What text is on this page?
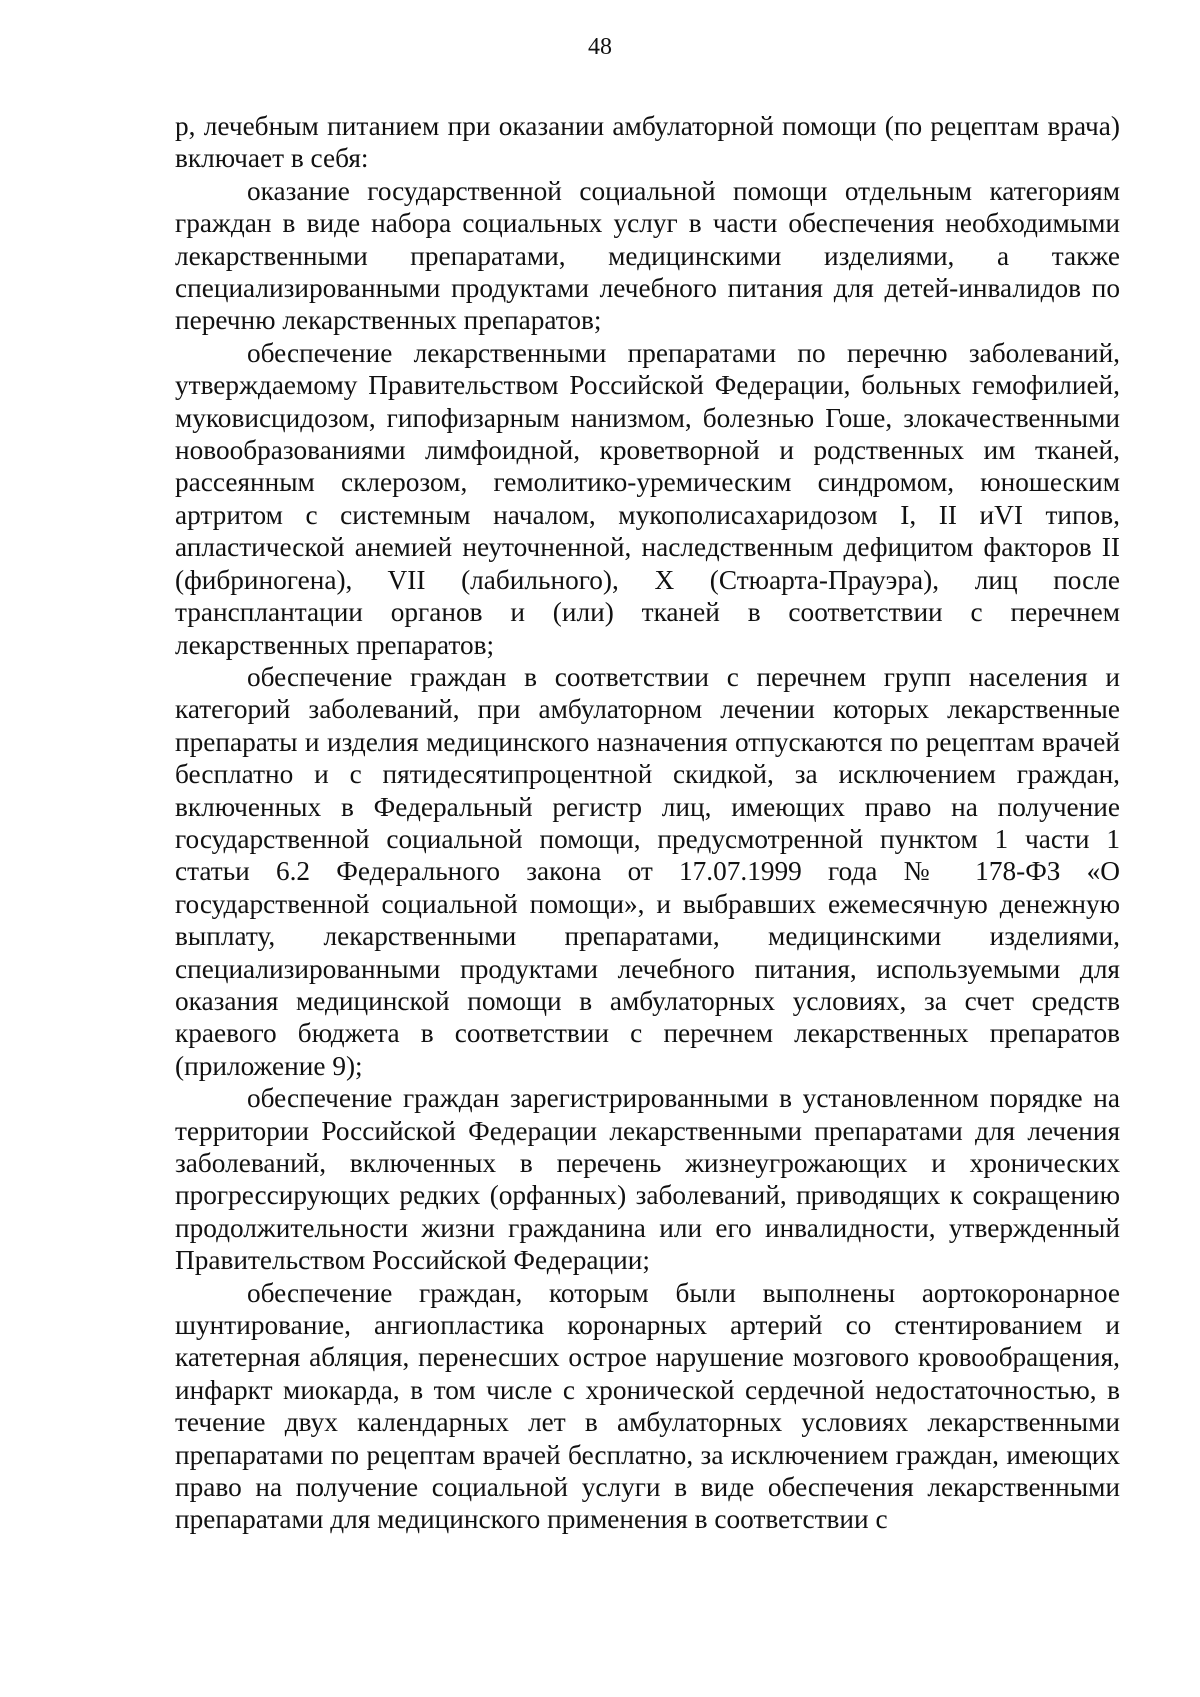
48

р, лечебным питанием при оказании амбулаторной помощи (по рецептам врача) включает в себя:

оказание государственной социальной помощи отдельным категориям граждан в виде набора социальных услуг в части обеспечения необходимыми лекарственными препаратами, медицинскими изделиями, а также специализированными продуктами лечебного питания для детей-инвалидов по перечню лекарственных препаратов;

обеспечение лекарственными препаратами по перечню заболеваний, утверждаемому Правительством Российской Федерации, больных гемофилией, муковисцидозом, гипофизарным нанизмом, болезнью Гоше, злокачественными новообразованиями лимфоидной, кроветворной и родственных им тканей, рассеянным склерозом, гемолитико-уремическим синдромом, юношеским артритом с системным началом, мукополисахаридозом I, II иVI типов, апластической анемией неуточненной, наследственным дефицитом факторов II (фибриногена), VII (лабильного), X (Стюарта-Прауэра), лиц после трансплантации органов и (или) тканей в соответствии с перечнем лекарственных препаратов;

обеспечение граждан в соответствии с перечнем групп населения и категорий заболеваний, при амбулаторном лечении которых лекарственные препараты и изделия медицинского назначения отпускаются по рецептам врачей бесплатно и с пятидесятипроцентной скидкой, за исключением граждан, включенных в Федеральный регистр лиц, имеющих право на получение государственной социальной помощи, предусмотренной пунктом 1 части 1 статьи 6.2 Федерального закона от 17.07.1999 года № 178-ФЗ «О государственной социальной помощи», и выбравших ежемесячную денежную выплату, лекарственными препаратами, медицинскими изделиями, специализированными продуктами лечебного питания, используемыми для оказания медицинской помощи в амбулаторных условиях, за счет средств краевого бюджета в соответствии с перечнем лекарственных препаратов (приложение 9);

обеспечение граждан зарегистрированными в установленном порядке на территории Российской Федерации лекарственными препаратами для лечения заболеваний, включенных в перечень жизнеугрожающих и хронических прогрессирующих редких (орфанных) заболеваний, приводящих к сокращению продолжительности жизни гражданина или его инвалидности, утвержденный Правительством Российской Федерации;

обеспечение граждан, которым были выполнены аортокоронарное шунтирование, ангиопластика коронарных артерий со стентированием и катетерная абляция, перенесших острое нарушение мозгового кровообращения, инфаркт миокарда, в том числе с хронической сердечной недостаточностью, в течение двух календарных лет в амбулаторных условиях лекарственными препаратами по рецептам врачей бесплатно, за исключением граждан, имеющих право на получение социальной услуги в виде обеспечения лекарственными препаратами для медицинского применения в соответствии с
